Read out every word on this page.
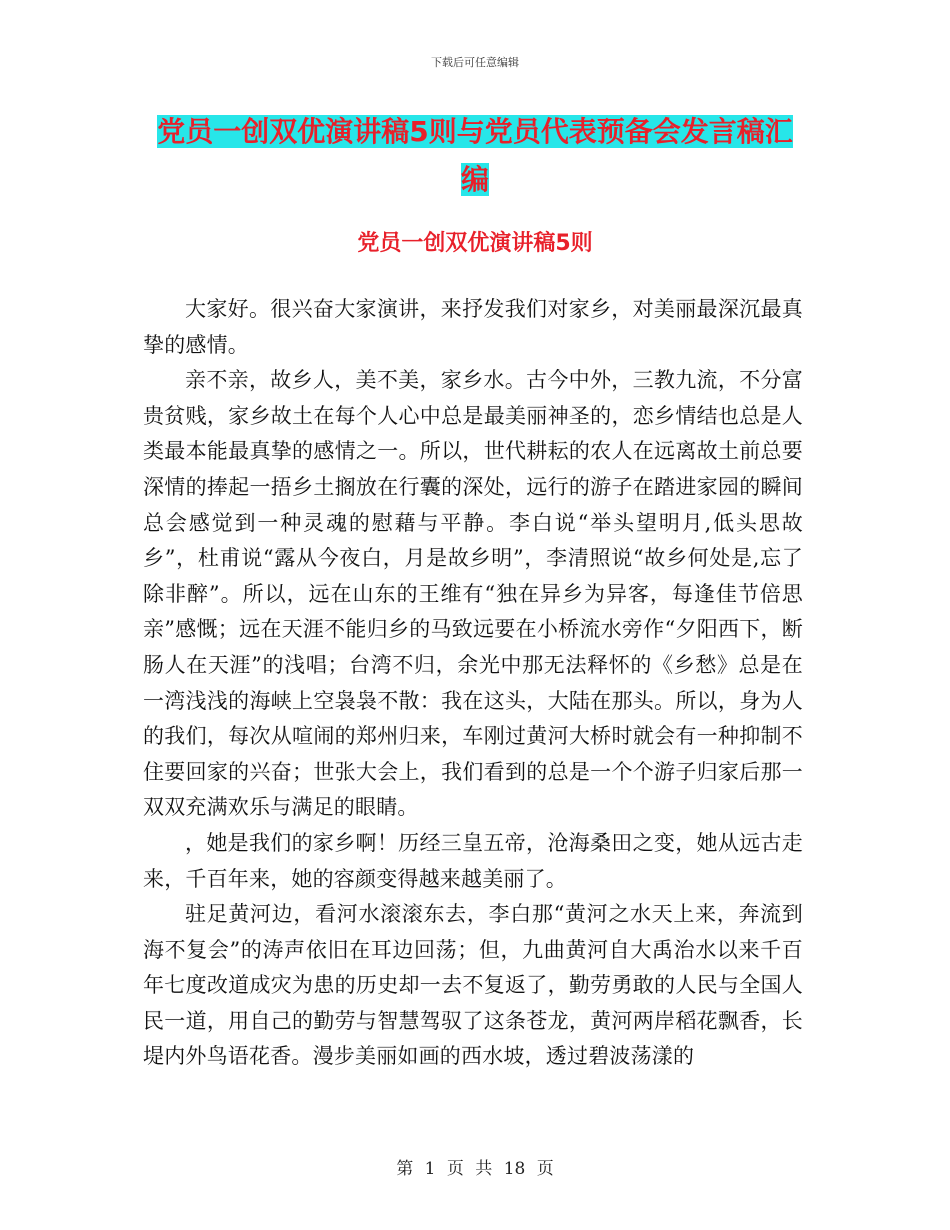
下载后可任意编辑
党员一创双优演讲稿5则与党员代表预备会发言稿汇编
党员一创双优演讲稿5则

大家好。很兴奋大家演讲，来抒发我们对家乡，对美丽最深沉最真挚的感情。

亲不亲，故乡人，美不美，家乡水。古今中外，三教九流，不分富贵贫贱，家乡故土在每个人心中总是最美丽神圣的，恋乡情结也总是人类最本能最真挚的感情之一。所以，世代耕耘的农人在远离故土前总要深情的捧起一捂乡土搁放在行囊的深处，远行的游子在踏进家园的瞬间总会感觉到一种灵魂的慰藉与平静。李白说“举头望明月,低头思故乡”，杜甫说“露从今夜白，月是故乡明”，李清照说“故乡何处是,忘了除非醉”。所以，远在山东的王维有“独在异乡为异客，每逢佳节倍思亲”感慨；远在天涯不能归乡的马致远要在小桥流水旁作“夕阳西下，断肠人在天涯”的浅唱；台湾不归，余光中那无法释怀的《乡愁》总是在一湾浅浅的海峡上空袅袅不散：我在这头，大陆在那头。所以，身为人的我们，每次从喧闹的郑州归来，车刚过黄河大桥时就会有一种抑制不住要回家的兴奋；世张大会上，我们看到的总是一个个游子归家后那一双双充满欢乐与满足的眼睛。

，她是我们的家乡啊！历经三皇五帝，沧海桑田之变，她从远古走来，千百年来，她的容颜变得越来越美丽了。

驻足黄河边，看河水滚滚东去，李白那“黄河之水天上来，奔流到海不复会”的涛声依旧在耳边回荡；但，九曲黄河自大禹治水以来千百年七度改道成灾为患的历史却一去不复返了，勤劳勇敢的人民与全国人民一道，用自己的勤劳与智慧驾驭了这条苍龙，黄河两岸稻花飘香，长堤内外鸟语花香。漫步美丽如画的西水坡，透过碧波荡漾的

第 1 页 共 18 页
